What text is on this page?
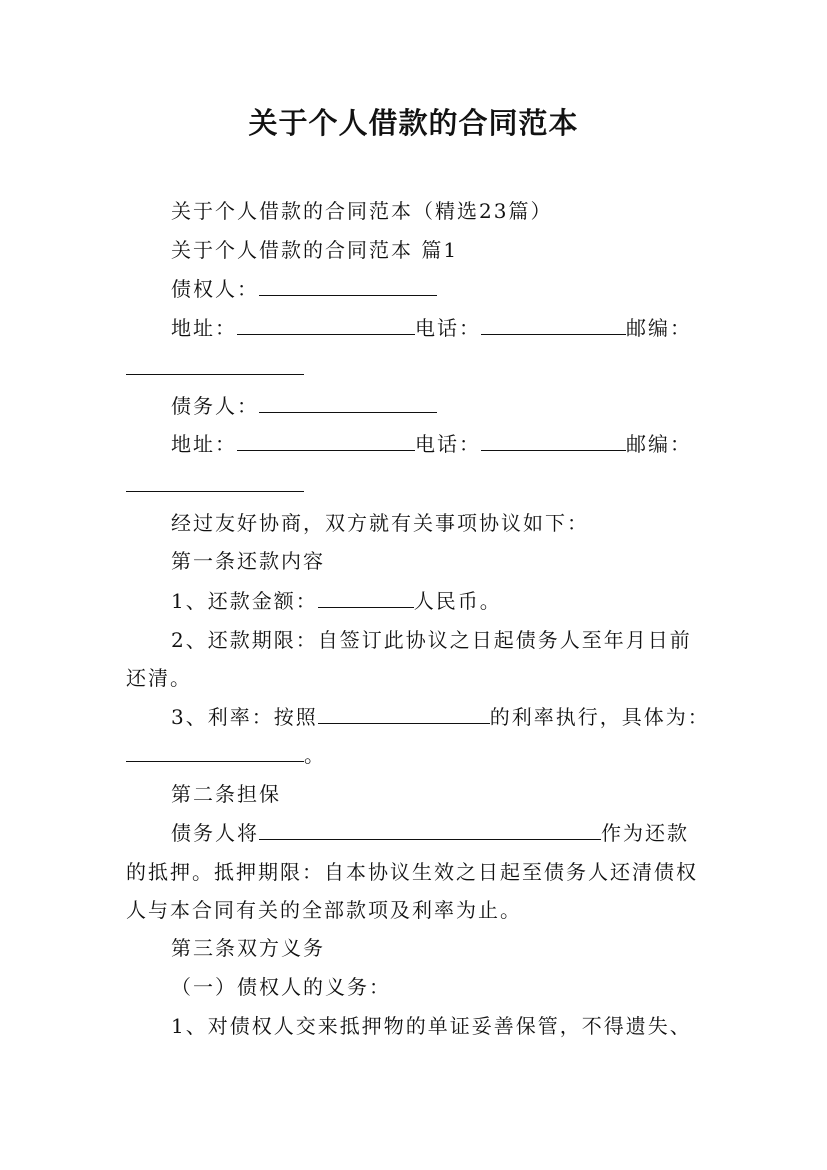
关于个人借款的合同范本
关于个人借款的合同范本（精选23篇）
关于个人借款的合同范本 篇1
债权人：
地址：	电话：	邮编：
债务人：
地址：	电话：	邮编：
经过友好协商，双方就有关事项协议如下：
第一条还款内容
1、还款金额：	人民币。
2、还款期限：自签订此协议之日起债务人至年月日前
还清。
3、利率：按照	的利率执行，具体为：
。
第二条担保
债务人将	作为还款
的抵押。抵押期限：自本协议生效之日起至债务人还清债权
人与本合同有关的全部款项及利率为止。
第三条双方义务
（一）债权人的义务：
1、对债权人交来抵押物的单证妥善保管，不得遗失、
